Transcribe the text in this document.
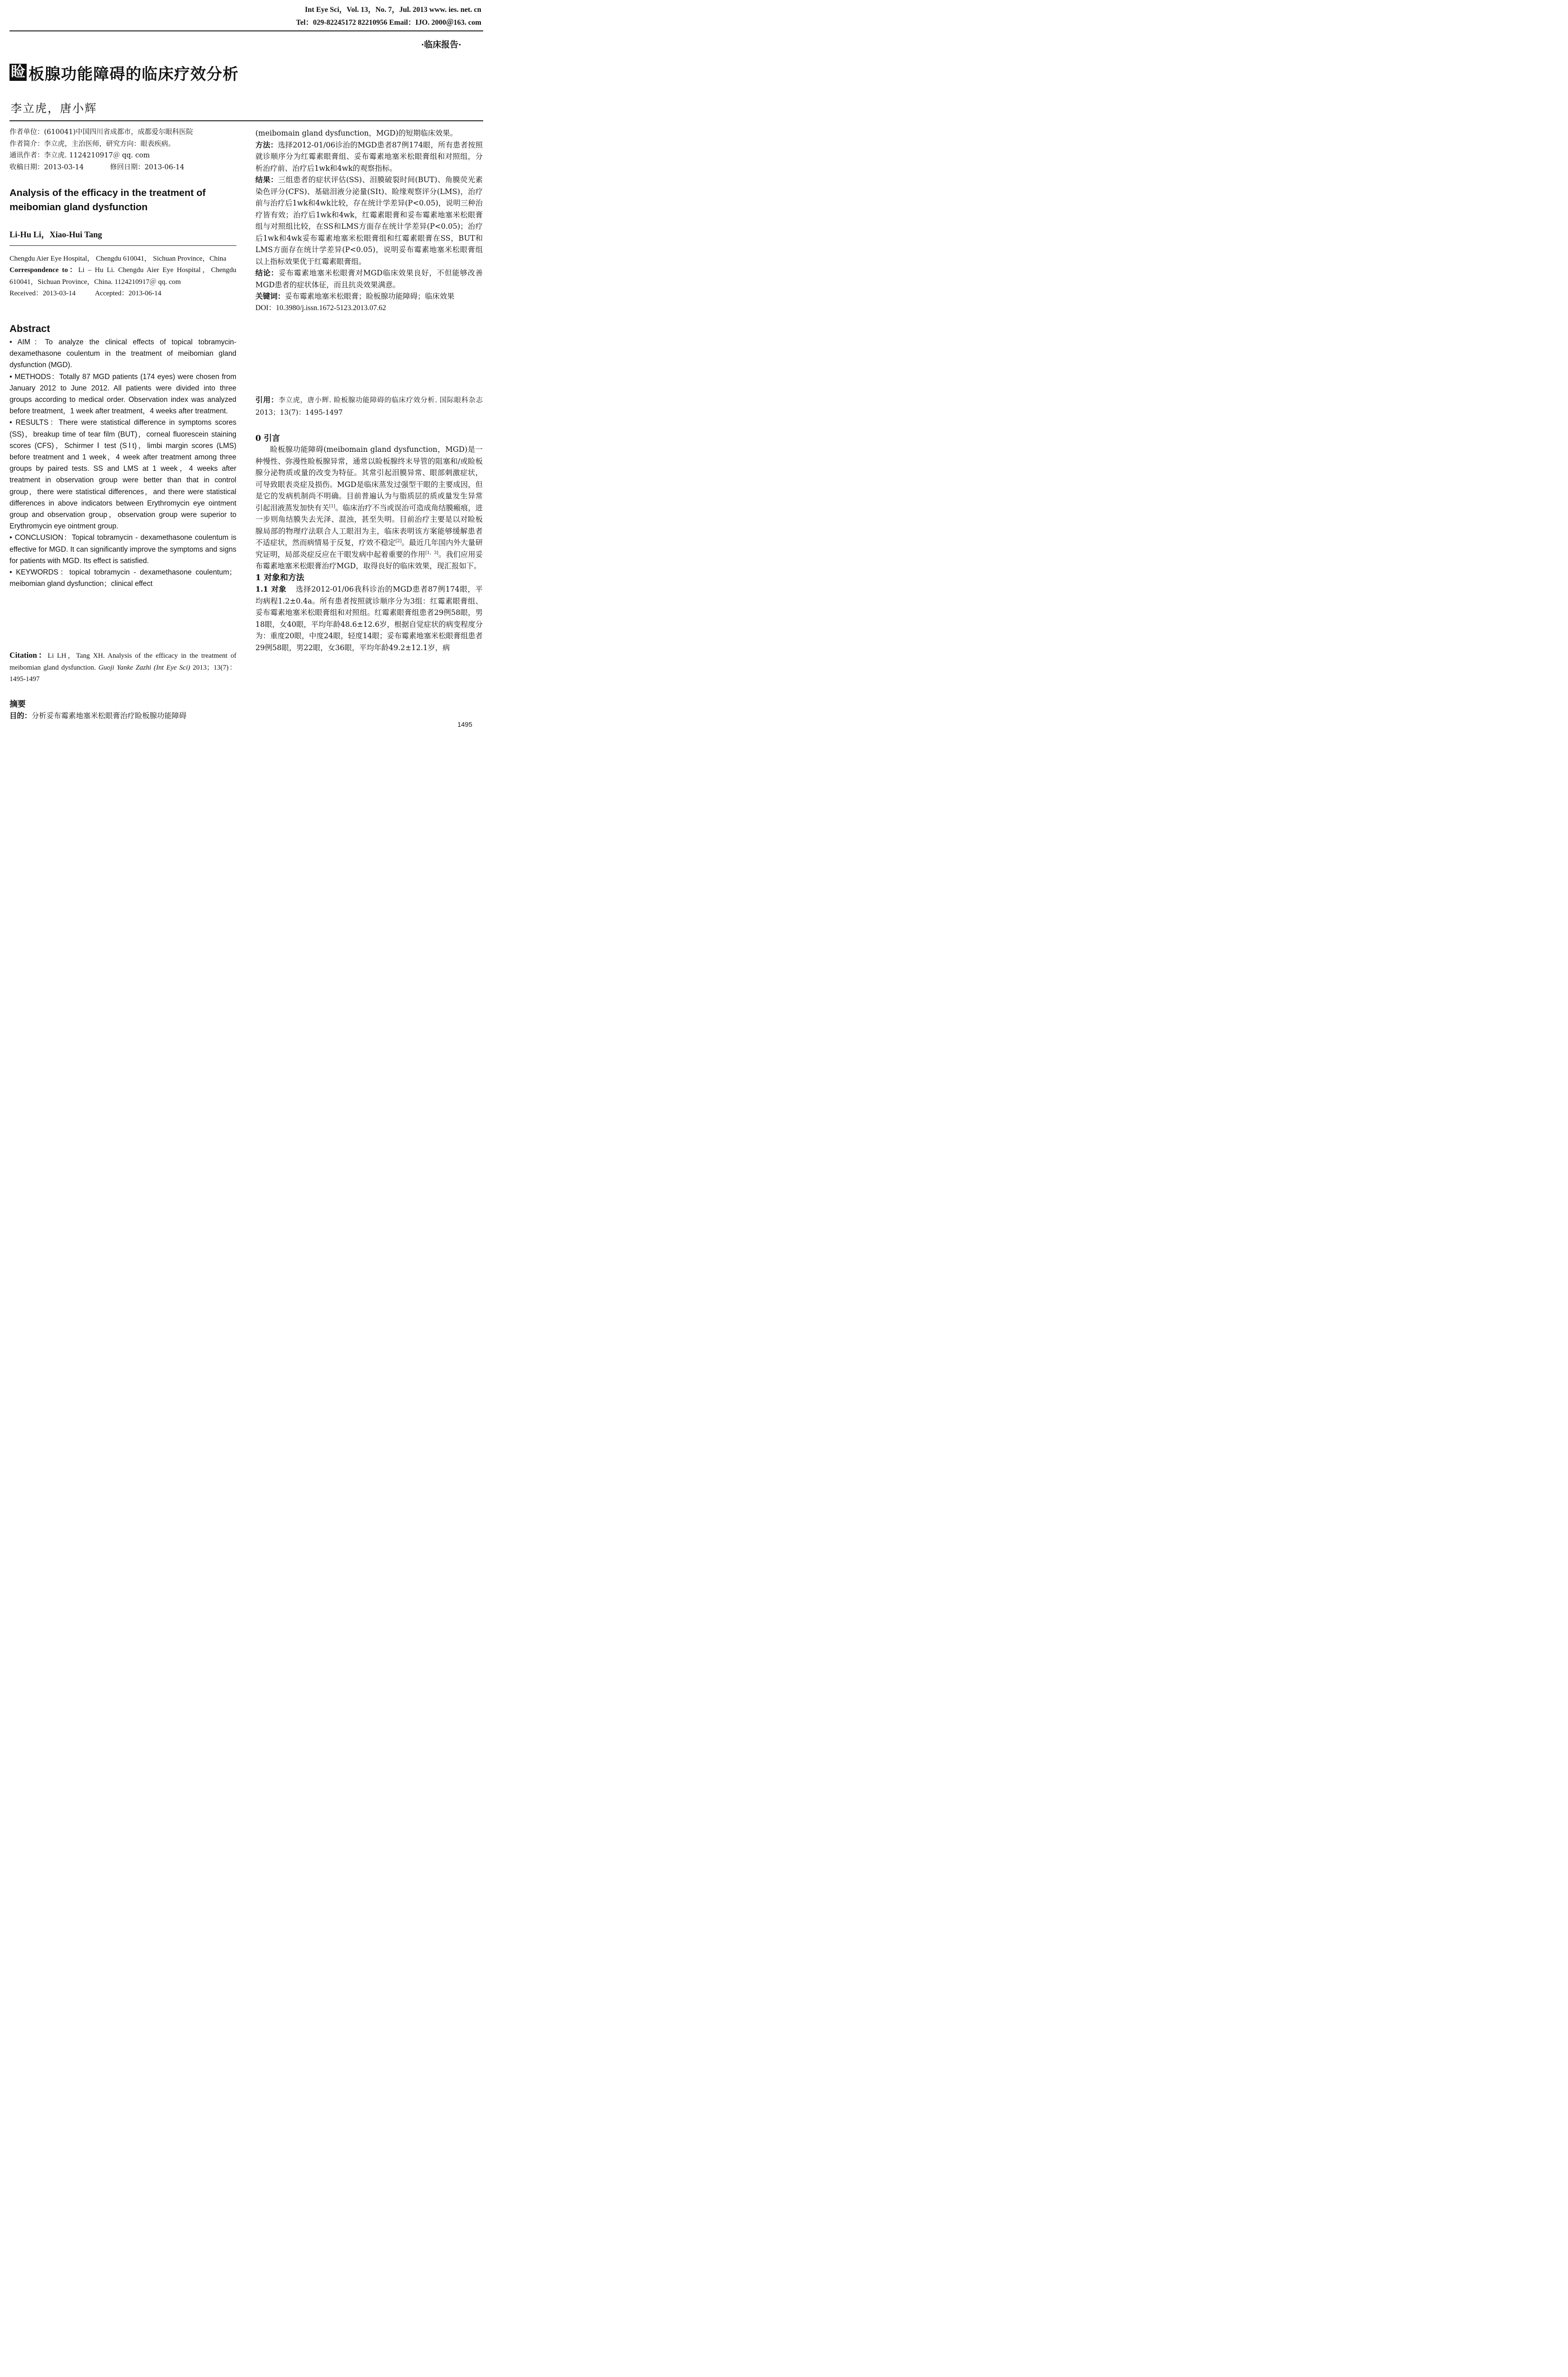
Int Eye Sci，Vol. 13，No. 7，Jul. 2013 www. ies. net. cn
Tel：029-82245172 82210956 Email：IJO. 2000＠163. com
·临床报告·
睑 板腺功能障碍的临床疗效分析
李立虎，唐小辉
作者单位：(610041)中国四川省成都市，成都爱尔眼科医院
作者简介：李立虎，主治医师，研究方向：眼表疾病。
通讯作者：李立虎. 1124210917＠ qq. com
收稿日期：2013-03-14	修回日期：2013-06-14
Analysis of the efficacy in the treatment of meibomian gland dysfunction
Li-Hu Li，Xiao-Hui Tang
Chengdu Aier Eye Hospital， Chengdu 610041， Sichuan Province，China
Correspondence to：Li – Hu Li. Chengdu Aier Eye Hospital，Chengdu 610041，Sichuan Province，China. 1124210917＠ qq. com
Received：2013-03-14	Accepted：2013-06-14
Abstract

• AIM：To analyze the clinical effects of topical tobramycin-dexamethasone coulentum in the treatment of meibomian gland dysfunction (MGD).

• METHODS：Totally 87 MGD patients (174 eyes) were chosen from January 2012 to June 2012. All patients were divided into three groups according to medical order. Observation index was analyzed before treatment，1 week after treatment，4 weeks after treatment.

• RESULTS：There were statistical difference in symptoms scores (SS)，breakup time of tear film (BUT)，corneal fluorescein staining scores (CFS)，Schirmer Ⅰ test (SⅠt)，limbi margin scores (LMS) before treatment and 1 week，4 week after treatment among three groups by paired tests. SS and LMS at 1 week，4 weeks after treatment in observation group were better than that in control group，there were statistical differences，and there were statistical differences in above indicators between Erythromycin eye ointment group and observation group，observation group were superior to Erythromycin eye ointment group.

• CONCLUSION：Topical tobramycin - dexamethasone coulentum is effective for MGD. It can significantly improve the symptoms and signs for patients with MGD. Its effect is satisfied.

• KEYWORDS：topical tobramycin - dexamethasone coulentum；meibomian gland dysfunction；clinical effect

Citation：Li LH，Tang XH. Analysis of the efficacy in the treatment of meibomian gland dysfunction. Guoji Yanke Zazhi (Int Eye Sci) 2013；13(7)：1495-1497
摘要
目的：分析妥布霉素地塞米松眼膏治疗睑板腺功能障碍

(meibomain gland dysfunction，MGD)的短期临床效果。

方法：选择2012-01/06诊治的MGD患者87例174眼，所有患者按照就诊顺序分为红霉素眼膏组、妥布霉素地塞米松眼膏组和对照组，分析治疗前、治疗后1wk和4wk的观察指标。

结果：三组患者的症状评估(SS)、泪膜破裂时间(BUT)、角膜荧光素染色评分(CFS)、基础泪液分泌量(SⅠt)、睑缘观察评分(LMS)，治疗前与治疗后1wk和4wk比较，存在统计学差异(P<0.05)，说明三种治疗皆有效；治疗后1wk和4wk，红霉素眼膏和妥布霉素地塞米松眼膏组与对照组比较，在SS和LMS方面存在统计学差异(P<0.05)；治疗后1wk和4wk妥布霉素地塞米松眼膏组和红霉素眼膏在SS，BUT和LMS方面存在统计学差异(P<0.05)，说明妥布霉素地塞米松眼膏组以上指标效果优于红霉素眼膏组。

结论：妥布霉素地塞米松眼膏对MGD临床效果良好，不但能够改善MGD患者的症状体征，而且抗炎效果满意。

关键词：妥布霉素地塞米松眼膏；睑板腺功能障碍；临床效果

DOI：10.3980/j.issn.1672-5123.2013.07.62

引用：李立虎，唐小辉. 睑板腺功能障碍的临床疗效分析. 国际眼科杂志 2013；13(7)：1495-1497
0 引言

睑板腺功能障碍(meibomain gland dysfunction，MGD)是一种慢性、弥漫性睑板腺异常，通常以睑板腺终末导管的阻塞和/或睑板腺分泌物质或量的改变为特征。其常引起泪膜异常、眼部刺激症状，可导致眼表炎症及损伤。MGD是临床蒸发过强型干眼的主要成因，但是它的发病机制尚不明确。目前普遍认为与脂质层的质或量发生异常引起泪液蒸发加快有关[1]。临床治疗不当或误治可造成角结膜瘢痕，进一步则角结膜失去光泽、混浊，甚至失明。目前治疗主要是以对睑板腺局部的物理疗法联合人工眼泪为主，临床表明该方案能够缓解患者不适症状，然而病情易于反复，疗效不稳定[2]。最近几年国内外大量研究证明，局部炎症反应在干眼发病中起着重要的作用[1，3]。我们应用妥布霉素地塞米松眼膏治疗MGD，取得良好的临床效果，现汇报如下。

1 对象和方法

1.1 对象 选择2012-01/06我科诊治的MGD患者87例174眼，平均病程1.2±0.4a。所有患者按照就诊顺序分为3组：红霉素眼膏组、妥布霉素地塞米松眼膏组和对照组。红霉素眼膏组患者29例58眼，男18眼，女40眼，平均年龄48.6±12.6岁，根据自觉症状的病变程度分为：重度20眼，中度24眼，轻度14眼；妥布霉素地塞米松眼膏组患者29例58眼，男22眼，女36眼，平均年龄49.2±12.1岁，病

1495
